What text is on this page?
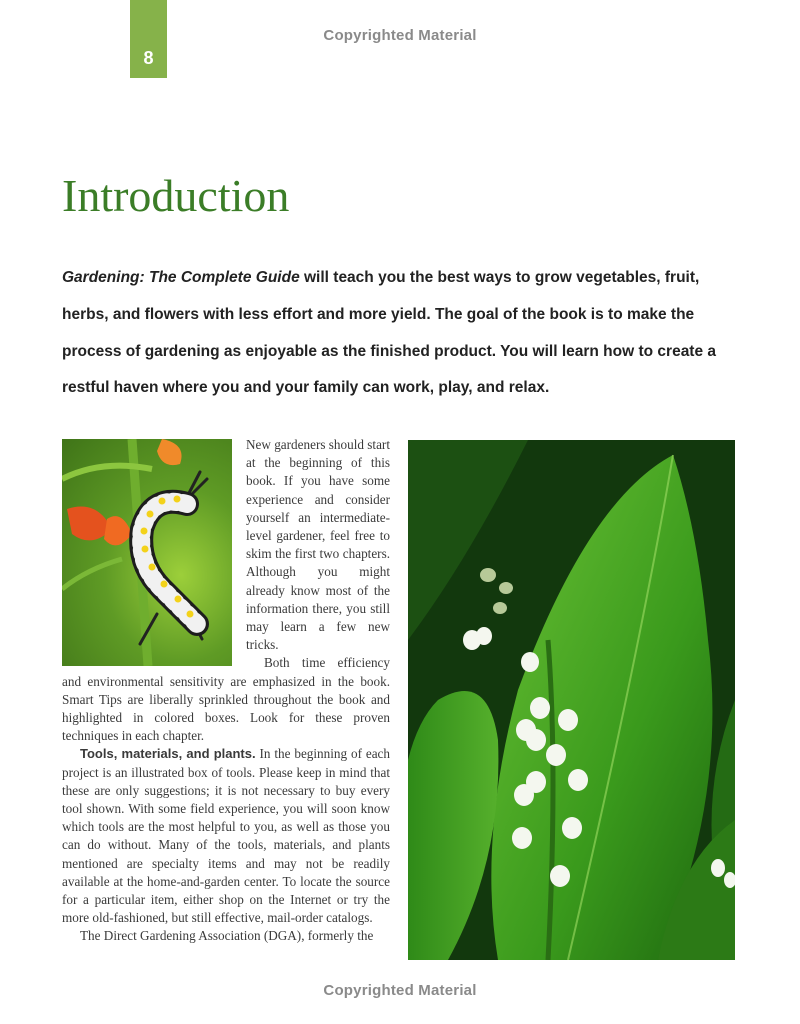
8
Copyrighted Material
Introduction

Gardening: The Complete Guide will teach you the best ways to grow vegetables, fruit, herbs, and flowers with less effort and more yield. The goal of the book is to make the process of gardening as enjoyable as the finished product. You will learn how to create a restful haven where you and your family can work, play, and relax.

New gardeners should start at the beginning of this book. If you have some experience and consider yourself an intermediate-level gardener, feel free to skim the first two chapters. Although you might already know most of the information there, you still may learn a few new tricks.

Both time efficiency and environmental sensitivity are emphasized in the book. Smart Tips are liberally sprinkled throughout the book and highlighted in colored boxes. Look for these proven techniques in each chapter.

Tools, materials, and plants. In the beginning of each project is an illustrated box of tools. Please keep in mind that these are only suggestions; it is not necessary to buy every tool shown. With some field experience, you will soon know which tools are the most helpful to you, as well as those you can do without. Many of the tools, materials, and plants mentioned are specialty items and may not be readily available at the home-and-garden center. To locate the source for a particular item, either shop on the Internet or try the more old-fashioned, but still effective, mail-order catalogs.

The Direct Gardening Association (DGA), formerly the

Copyrighted Material
